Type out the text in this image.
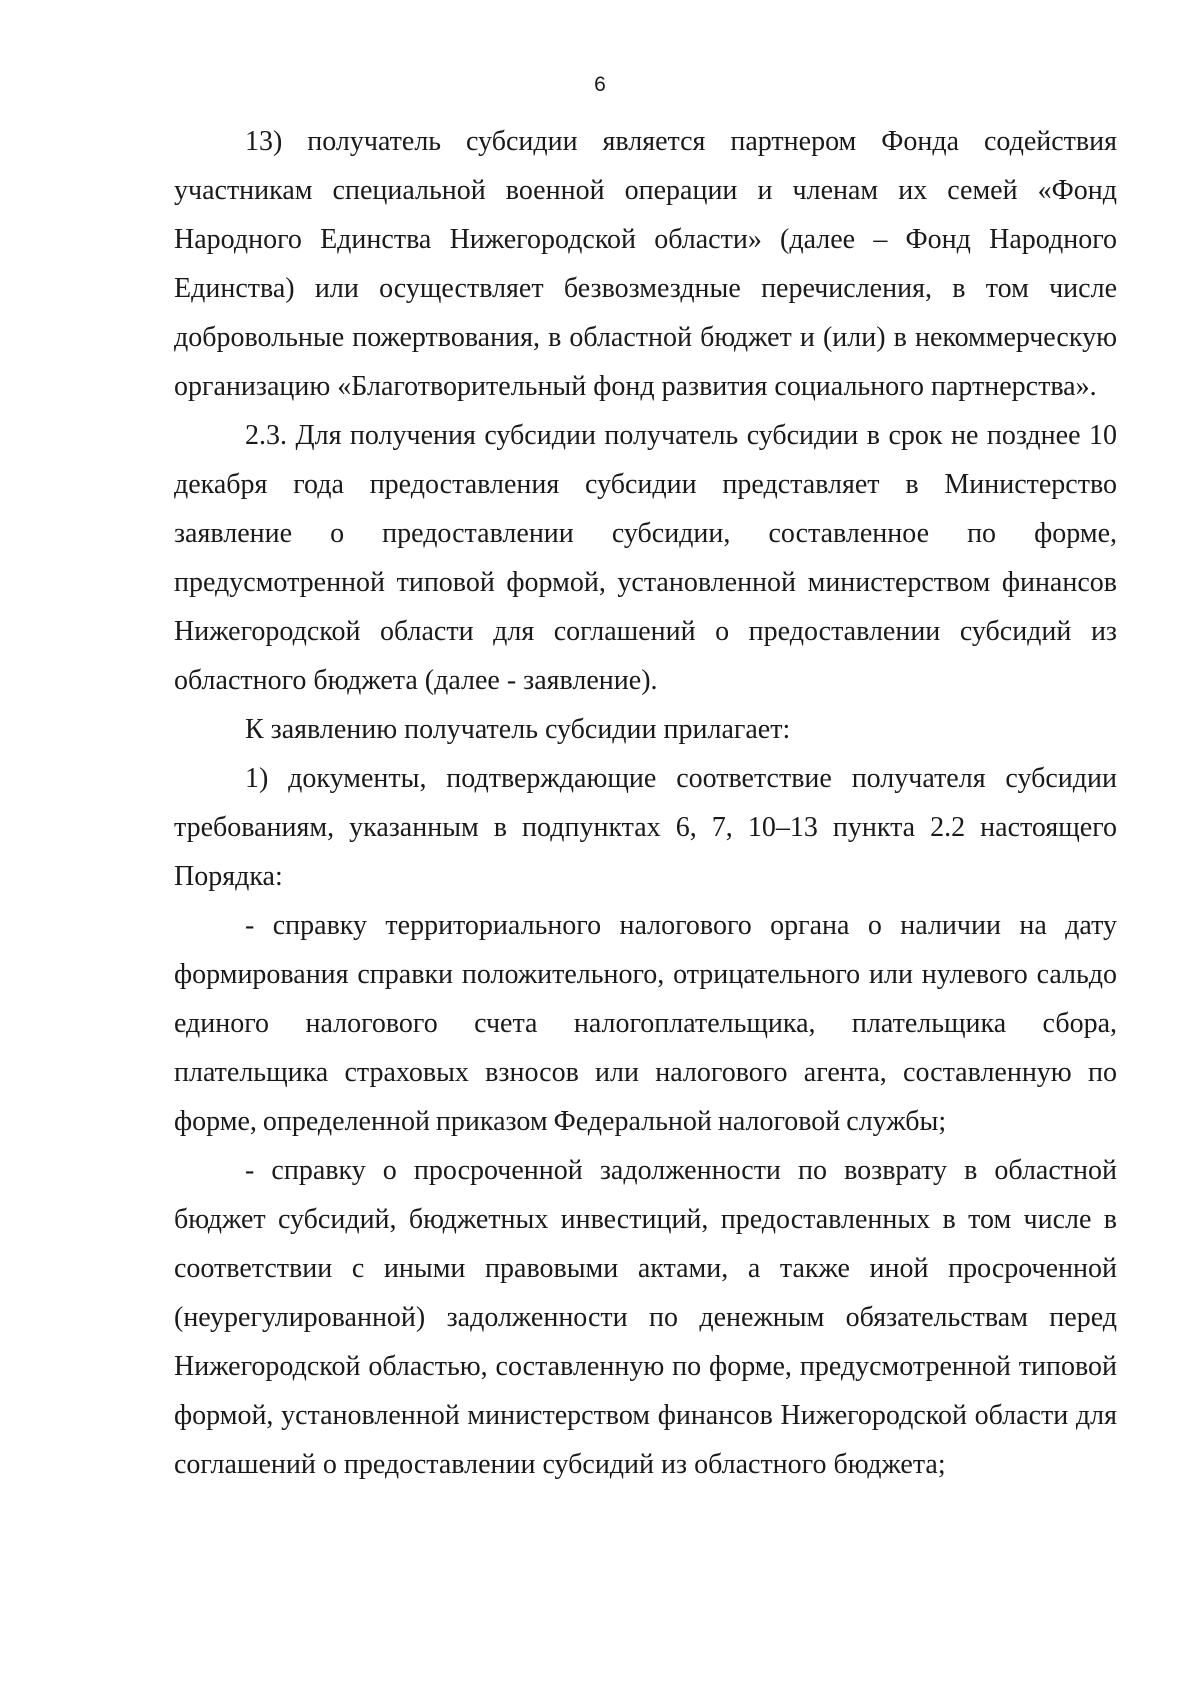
6

13) получатель субсидии является партнером Фонда содействия участникам специальной военной операции и членам их семей «Фонд Народного Единства Нижегородской области» (далее – Фонд Народного Единства) или осуществляет безвозмездные перечисления, в том числе добровольные пожертвования, в областной бюджет и (или) в некоммерческую организацию «Благотворительный фонд развития социального партнерства».

2.3. Для получения субсидии получатель субсидии в срок не позднее 10 декабря года предоставления субсидии представляет в Министерство заявление о предоставлении субсидии, составленное по форме, предусмотренной типовой формой, установленной министерством финансов Нижегородской области для соглашений о предоставлении субсидий из областного бюджета (далее - заявление).

К заявлению получатель субсидии прилагает:

1) документы, подтверждающие соответствие получателя субсидии требованиям, указанным в подпунктах 6, 7, 10–13 пункта 2.2 настоящего Порядка:

- справку территориального налогового органа о наличии на дату формирования справки положительного, отрицательного или нулевого сальдо единого налогового счета налогоплательщика, плательщика сбора, плательщика страховых взносов или налогового агента, составленную по форме, определенной приказом Федеральной налоговой службы;

- справку о просроченной задолженности по возврату в областной бюджет субсидий, бюджетных инвестиций, предоставленных в том числе в соответствии с иными правовыми актами, а также иной просроченной (неурегулированной) задолженности по денежным обязательствам перед Нижегородской областью, составленную по форме, предусмотренной типовой формой, установленной министерством финансов Нижегородской области для соглашений о предоставлении субсидий из областного бюджета;
